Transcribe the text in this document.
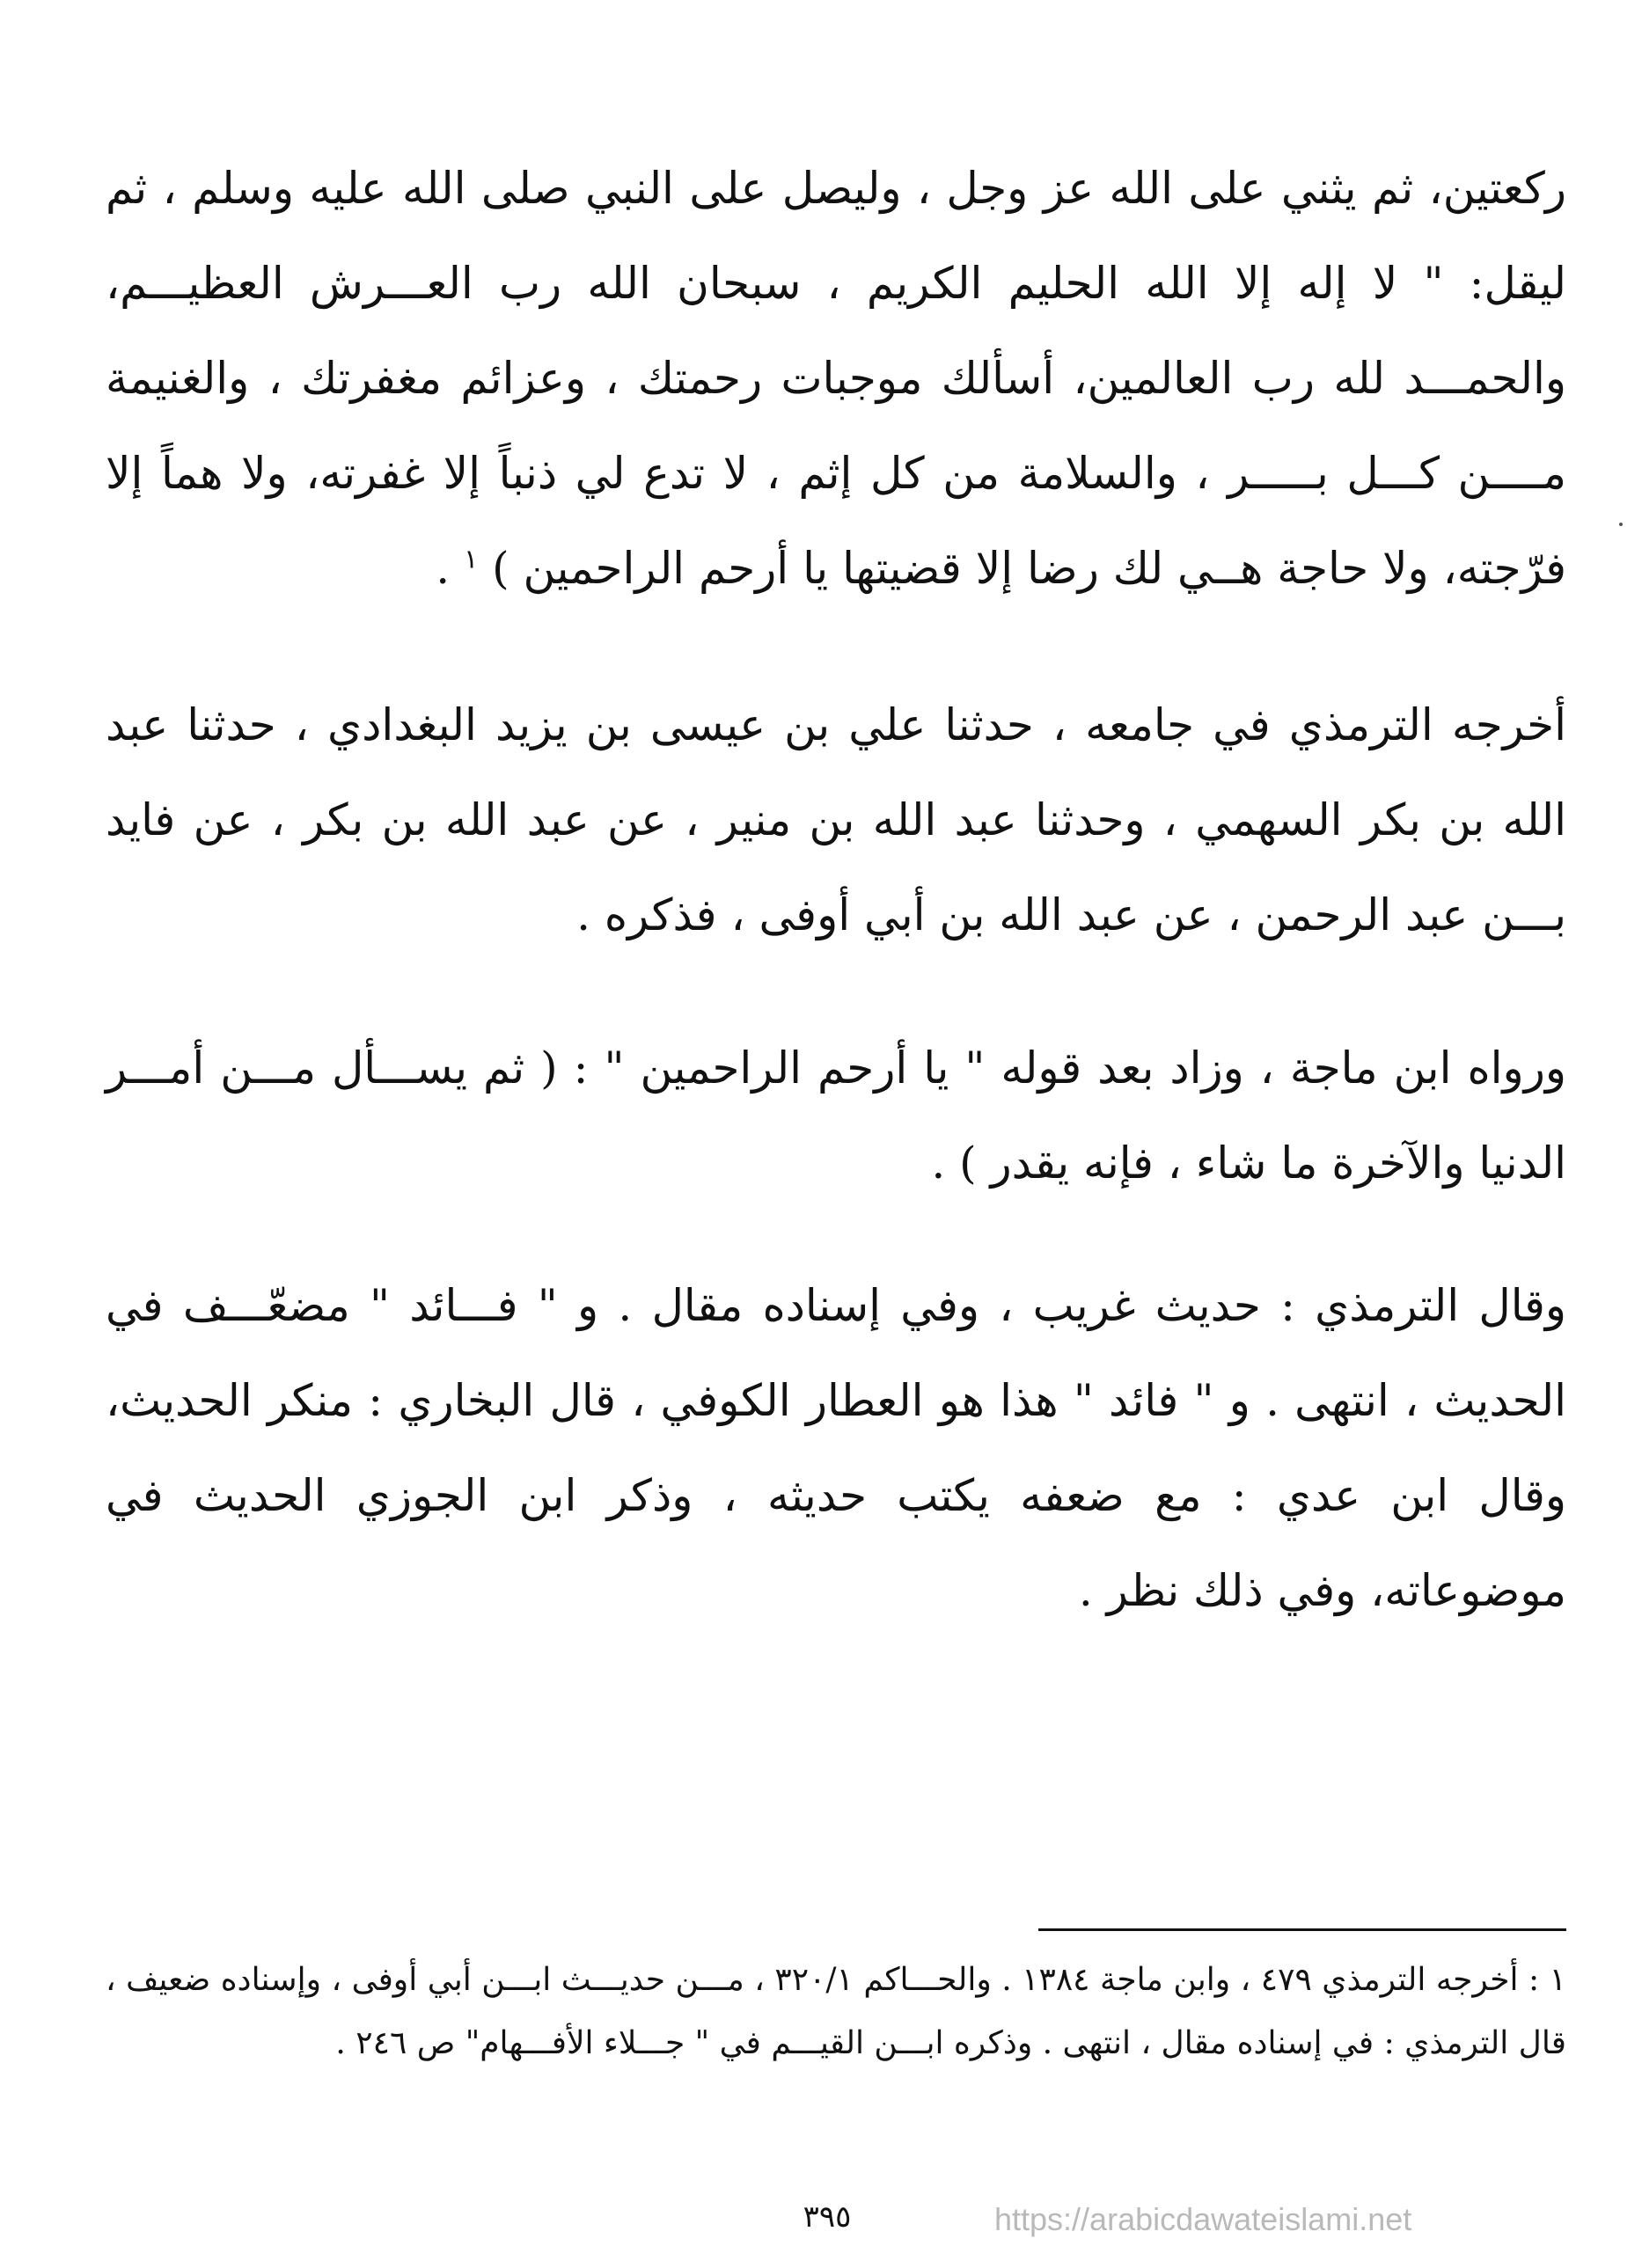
ركعتين، ثم يثني على الله عز وجل ، وليصل على النبي صلى الله عليه وسلم ، ثم ليقل: " لا إله إلا الله الحليم الكريم ، سبحان الله رب العـــرش العظيـــم، والحمـــد لله رب العالمين، أسألك موجبات رحمتك ، وعزائم مغفرتك ، والغنيمة مــــن كـــل بـــــر ، والسلامة من كل إثم ، لا تدع لي ذنباً إلا غفرته، ولا هماً إلا فرّجته، ولا حاجة هــي لك رضا إلا قضيتها يا أرحم الراحمين ) $^١$ .

أخرجه الترمذي في جامعه ، حدثنا علي بن عيسى بن يزيد البغدادي ، حدثنا عبد الله بن بكر السهمي ، وحدثنا عبد الله بن منير ، عن عبد الله بن بكر ، عن فايد بـــن عبد الرحمن ، عن عبد الله بن أبي أوفى ، فذكره .

ورواه ابن ماجة ، وزاد بعد قوله " يا أرحم الراحمين " : ( ثم يســـأل مـــن أمـــر الدنيا والآخرة ما شاء ، فإنه يقدر ) .

وقال الترمذي : حديث غريب ، وفي إسناده مقال . و " فـــائد " مضعّـــف في الحديث ، انتهى . و " فائد " هذا هو العطار الكوفي ، قال البخاري : منكر الحديث، وقال ابن عدي : مع ضعفه يكتب حديثه ، وذكر ابن الجوزي الحديث في موضوعاته، وفي ذلك نظر .

١ : أخرجه الترمذي ٤٧٩ ، وابن ماجة ١٣٨٤ . والحـــاكم ٣٢٠/١ ، مـــن حديـــث ابـــن أبي أوفى ، وإسناده ضعيف ، قال الترمذي : في إسناده مقال ، انتهى . وذكره ابـــن القيـــم في " جـــلاء الأفـــهام" ص ٢٤٦ .

٣٩٥	https://arabicdawateislami.net
